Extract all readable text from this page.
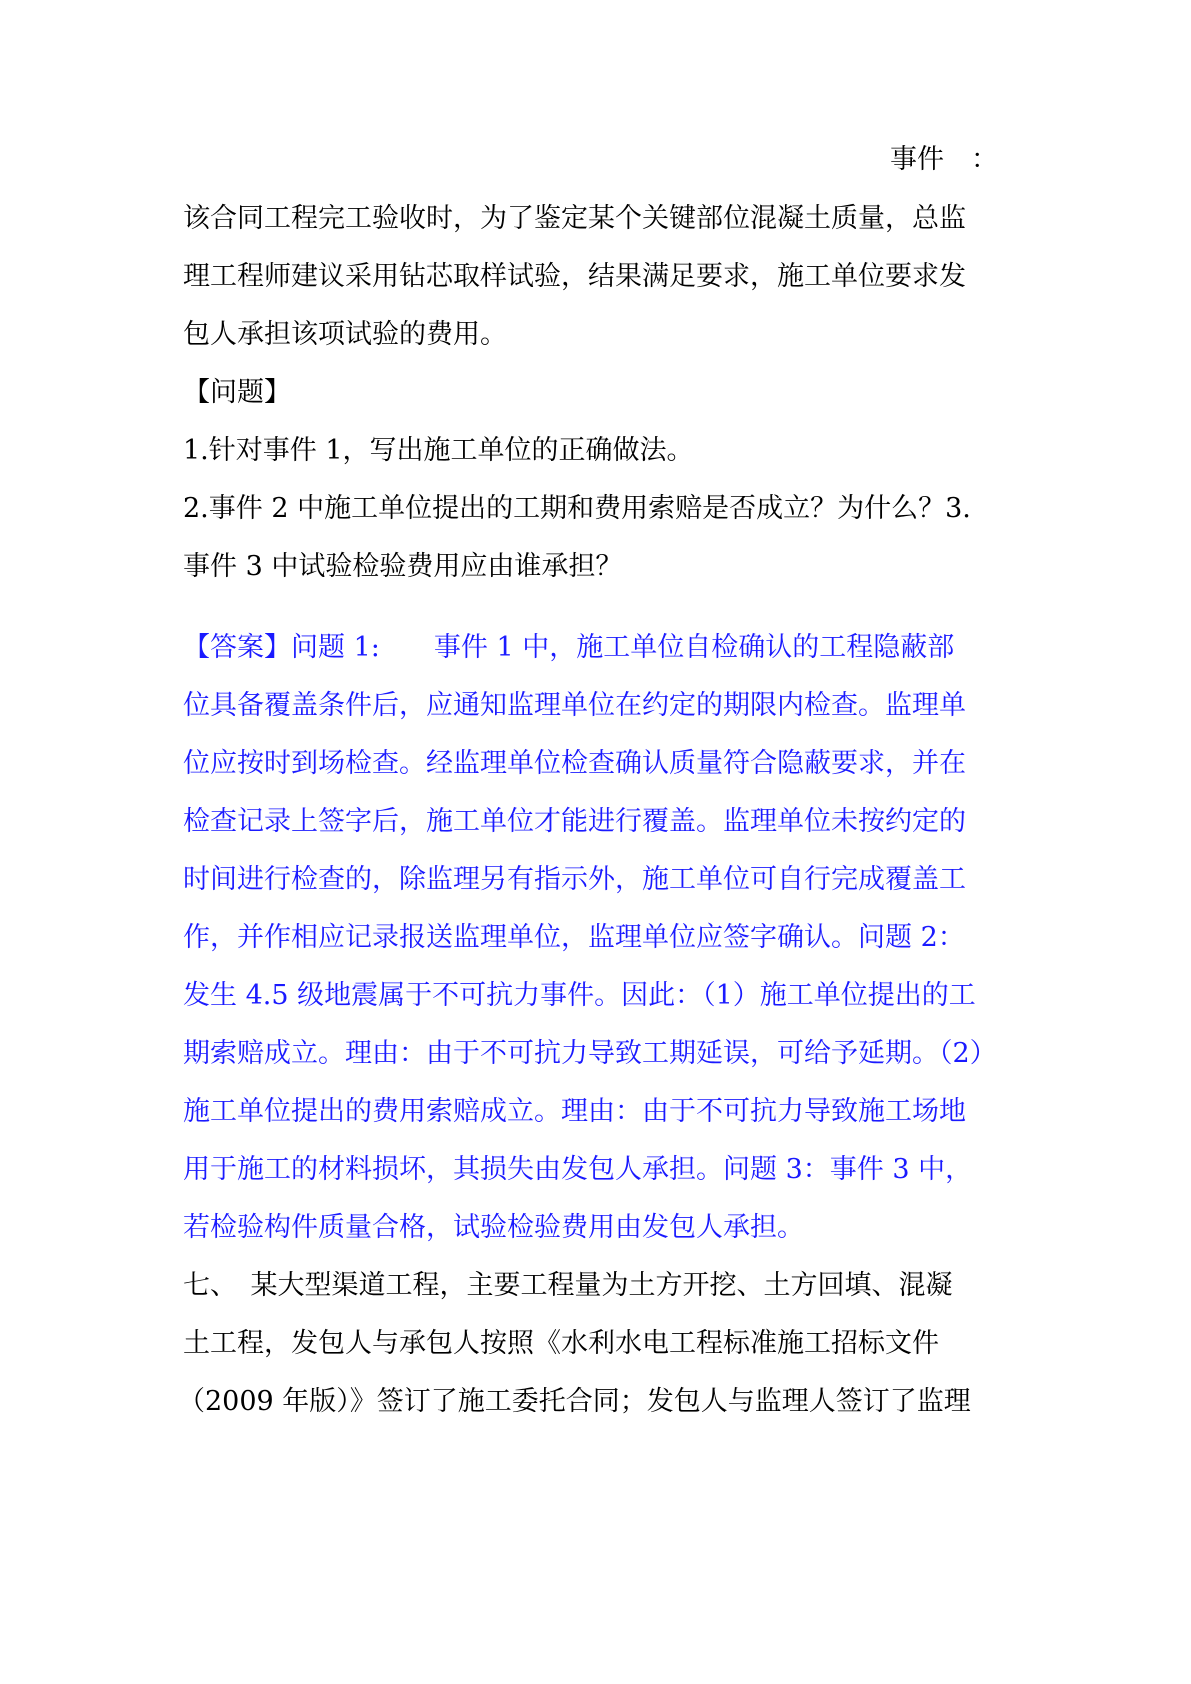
事件　：
该合同工程完工验收时，为了鉴定某个关键部位混凝土质量，总监
理工程师建议采用钻芯取样试验，结果满足要求，施工单位要求发
包人承担该项试验的费用。
【问题】
1.针对事件 1，写出施工单位的正确做法。
2.事件 2 中施工单位提出的工期和费用索赔是否成立？为什么？3.
事件 3 中试验检验费用应由谁承担？
【答案】问题 1:　　事件 1 中，施工单位自检确认的工程隐蔽部
位具备覆盖条件后，应通知监理单位在约定的期限内检查。监理单
位应按时到场检查。经监理单位检查确认质量符合隐蔽要求，并在
检查记录上签字后，施工单位才能进行覆盖。监理单位未按约定的
时间进行检查的，除监理另有指示外，施工单位可自行完成覆盖工
作，并作相应记录报送监理单位，监理单位应签字确认。问题 2：
发生 4.5 级地震属于不可抗力事件。因此：（1）施工单位提出的工
期索赔成立。理由：由于不可抗力导致工期延误，可给予延期。（2）
施工单位提出的费用索赔成立。理由：由于不可抗力导致施工场地
用于施工的材料损坏，其损失由发包人承担。问题 3：事件 3 中，
若检验构件质量合格，试验检验费用由发包人承担。
七、　某大型渠道工程，主要工程量为土方开挖、土方回填、混凝
土工程，发包人与承包人按照《水利水电工程标准施工招标文件
（2009 年版）》签订了施工委托合同；发包人与监理人签订了监理
